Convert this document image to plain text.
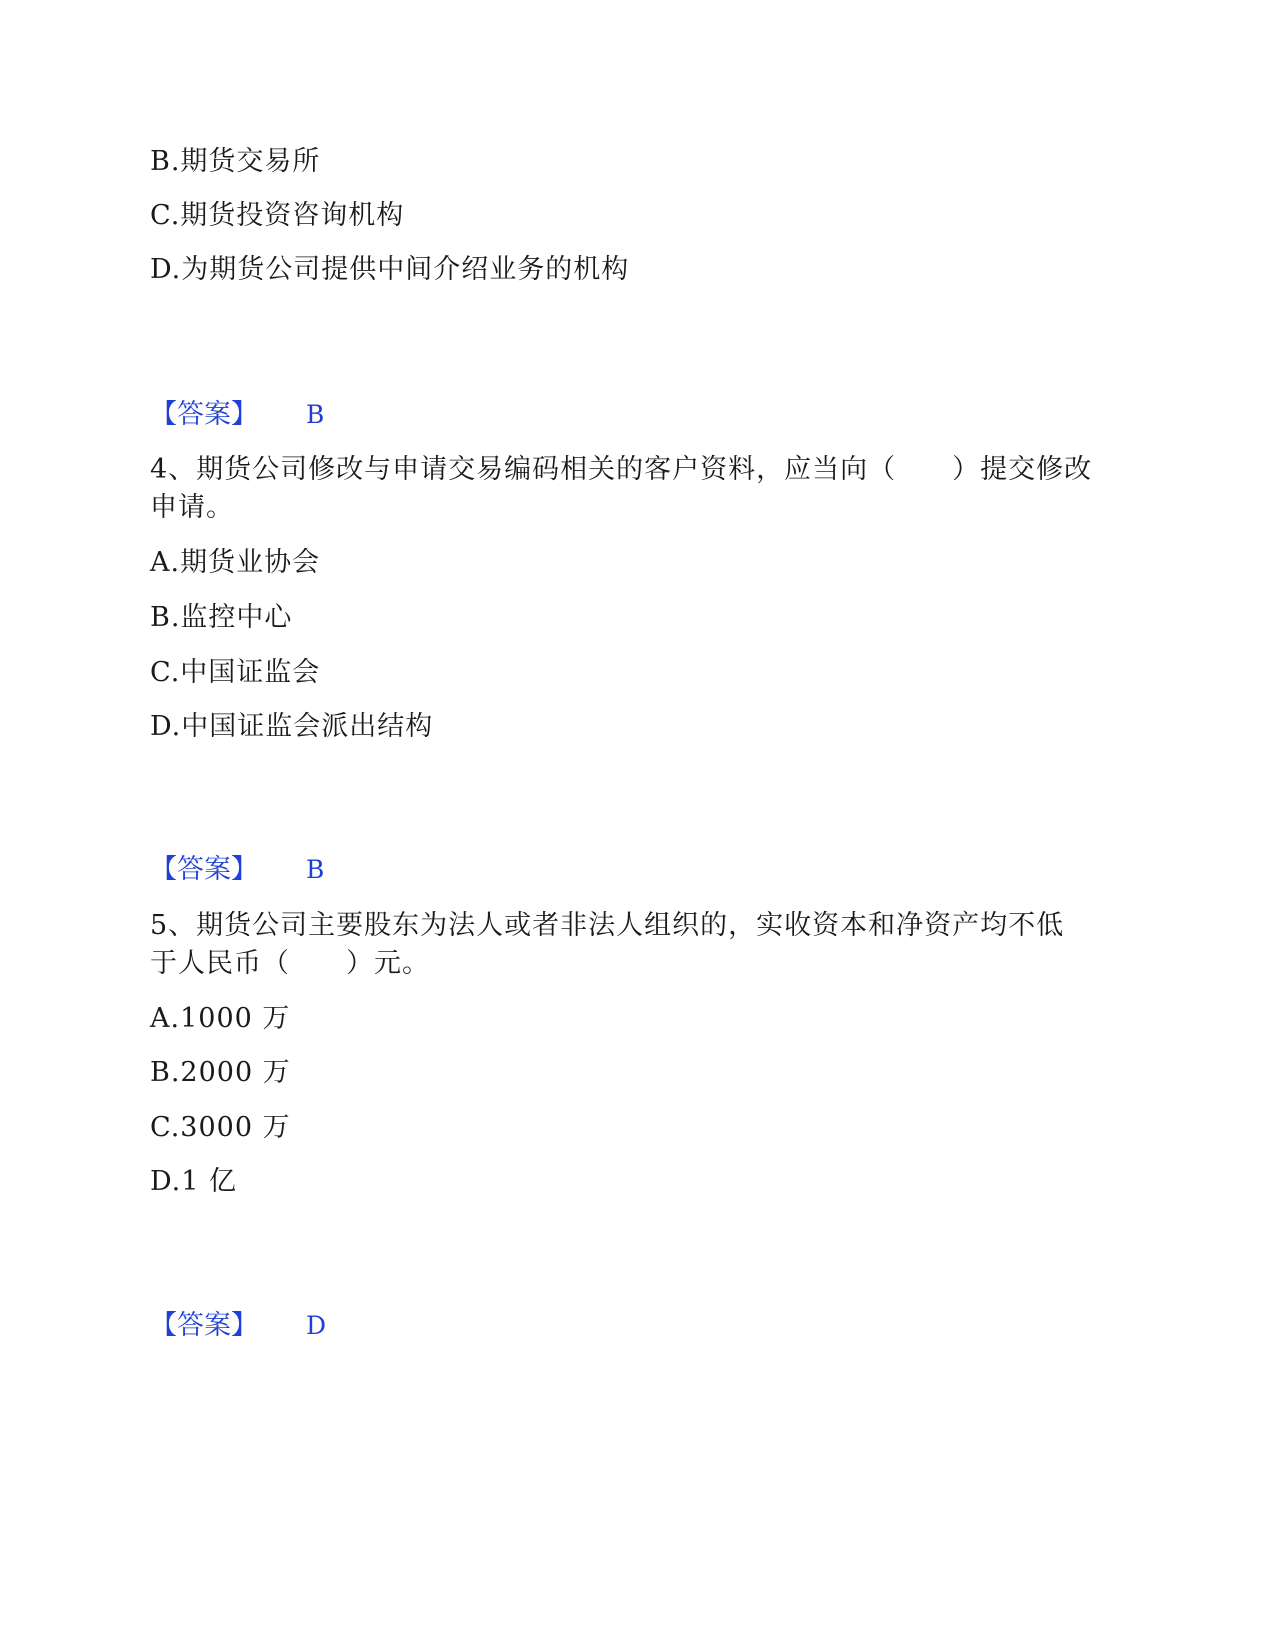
B.期货交易所
C.期货投资咨询机构
D.为期货公司提供中间介绍业务的机构
【答案】 B
4、期货公司修改与申请交易编码相关的客户资料，应当向（　　）提交修改
申请。
A.期货业协会
B.监控中心
C.中国证监会
D.中国证监会派出结构
【答案】 B
5、期货公司主要股东为法人或者非法人组织的，实收资本和净资产均不低
于人民币（　　）元。
A.1000 万
B.2000 万
C.3000 万
D.1 亿
【答案】 D
